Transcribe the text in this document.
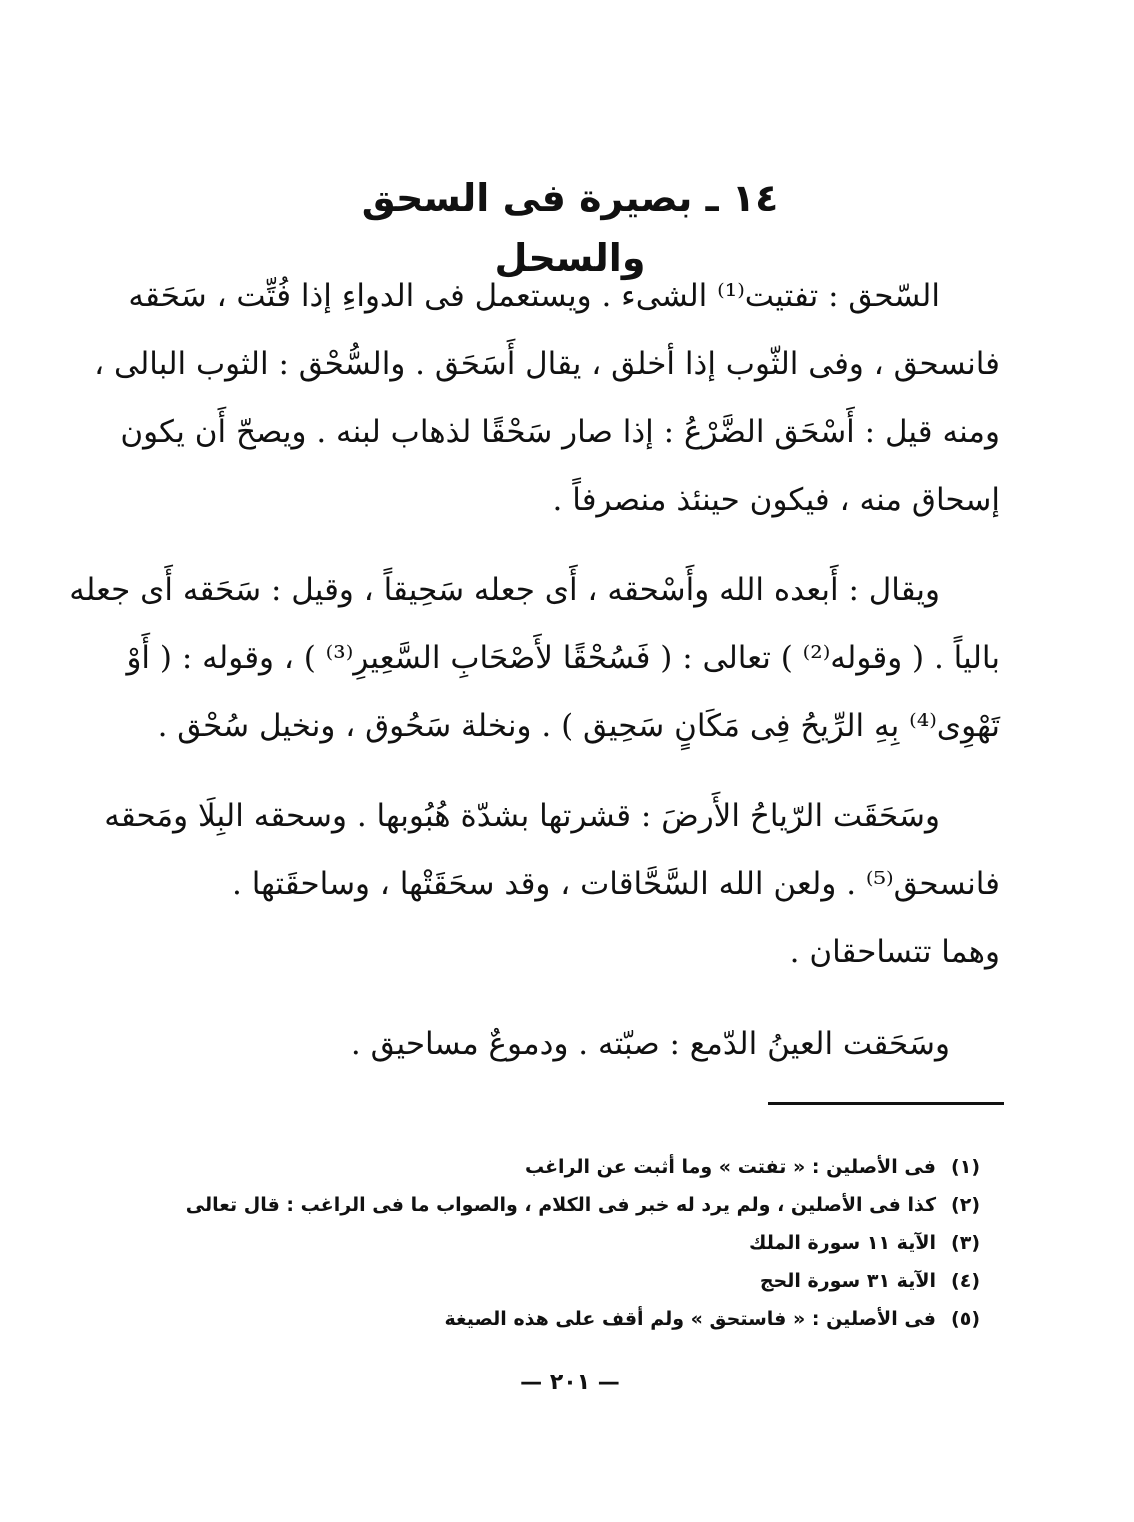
١٤ ـ بصيرة فى السحق والسحل
السّحق : تفتيت⁽¹⁾ الشىء . ويستعمل فى الدواءِ إذا فُتِّت ، سَحَقه
فانسحق ، وفى الثّوب إذا أخلق ، يقال أَسَحَق . والسُّحْق : الثوب البالى ،
ومنه قيل : أَسْحَق الضَّرْعُ : إذا صار سَحْقًا لذهاب لبنه . ويصحّ أَن يكون
إسحاق منه ، فيكون حينئذ منصرفاً .
ويقال : أَبعده الله وأَسْحقه ، أَى جعله سَحِيقاً ، وقيل : سَحَقه أَى جعله
بالياً . ( وقوله⁽²⁾ ) تعالى : ( فَسُحْقًا لأَصْحَابِ السَّعِيرِ⁽³⁾ ) ، وقوله : ( أَوْ
تَهْوِى⁽⁴⁾ بِهِ الرِّيحُ فِى مَكَانٍ سَحِيق ) . ونخلة سَحُوق ، ونخيل سُحْق .
وسَحَقَت الرّياحُ الأَرضَ : قشرتها بشدّة هُبُوبها . وسحقه البِلَا ومَحقه
فانسحق⁽⁵⁾ . ولعن الله السَّحَّاقات ، وقد سحَقَتْها ، وساحقَتها .
وهما تتساحقان .
وسَحَقت العينُ الدّمع : صبّته . ودموعٌ مساحيق .
(١)
فى الأصلين : « تفتت » وما أثبت عن الراغب
(٢)
كذا فى الأصلين ، ولم يرد له خبر فى الكلام ، والصواب ما فى الراغب : قال تعالى
(٣)
الآية ١١ سورة الملك
(٤)
الآية ٣١ سورة الحج
(٥)
فى الأصلين : « فاستحق » ولم أقف على هذه الصيغة
— ٢٠١ —
